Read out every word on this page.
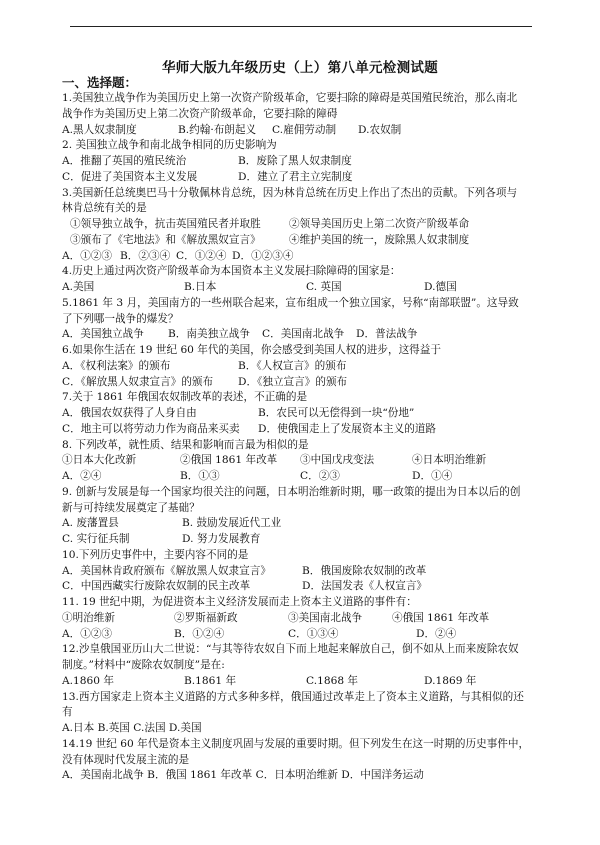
华师大版九年级历史（上）第八单元检测试题
一、选择题：
1.美国独立战争作为美国历史上第一次资产阶级革命，它要扫除的障碍是英国殖民统治，那么南北
战争作为美国历史上第二次资产阶级革命，它要扫除的障碍
A.黑人奴隶制度	B.约翰·布朗起义	C.雇佣劳动制	D.农奴制
2. 美国独立战争和南北战争相同的历史影响为
A．推翻了英国的殖民统治	B．废除了黑人奴隶制度
C．促进了美国资本主义发展	D．建立了君主立宪制度
3.美国新任总统奥巴马十分敬佩林肯总统，因为林肯总统在历史上作出了杰出的贡献。下列各项与
林肯总统有关的是
①领导独立战争，抗击英国殖民者并取胜	②领导美国历史上第二次资产阶级革命
③颁布了《宅地法》和《解放黑奴宣言》	④维护美国的统一，废除黑人奴隶制度
A．①②③ B．②③④ C．①②④ D．①②③④
4.历史上通过两次资产阶级革命为本国资本主义发展扫除障碍的国家是：
A.美国	B.日本	C. 英国	D.德国
5.1861 年 3 月，美国南方的一些州联合起来，宣布组成一个独立国家，号称“南部联盟”。这导致
了下列哪一战争的爆发？
A．美国独立战争	B．南美独立战争	C．美国南北战争	D．普法战争
6.如果你生活在 19 世纪 60 年代的美国，你会感受到美国人权的进步，这得益于
A．《权利法案》的颁布	B．《人权宣言》的颁布
C．《解放黑人奴隶宣言》的颁布	D．《独立宣言》的颁布
7.关于 1861 年俄国农奴制改革的表述，不正确的是
A．俄国农奴获得了人身自由	B．农民可以无偿得到一块“份地”
C．地主可以将劳动力作为商品来买卖	D．使俄国走上了发展资本主义的道路
8. 下列改革，就性质、结果和影响而言最为相似的是
①日本大化改新	②俄国 1861 年改革	③中国戊戌变法	④日本明治维新
A．②④	B．①③	C．②③	D．①④
9. 创新与发展是每一个国家均很关注的问题，日本明治维新时期，哪一政策的提出为日本以后的创
新与可持续发展奠定了基础？
A. 废藩置县	B. 鼓励发展近代工业
C. 实行征兵制	D. 努力发展教育
10.下列历史事件中，主要内容不同的是
A．美国林肯政府颁布《解放黑人奴隶宣言》	B．俄国废除农奴制的改革
C．中国西藏实行废除农奴制的民主改革	D．法国发表《人权宣言》
11. 19 世纪中期，为促进资本主义经济发展而走上资本主义道路的事件有：
①明治维新	②罗斯福新政	③美国南北战争	④俄国 1861 年改革
A．①②③	B．①②④	C．①③④	D．②④
12.沙皇俄国亚历山大二世说：“与其等待农奴自下而上地起来解放自己，倒不如从上而来废除农奴
制度。”材料中“废除农奴制度”是在:
A.1860 年	B.1861 年	C.1868 年	D.1869 年
13.西方国家走上资本主义道路的方式多种多样，俄国通过改革走上了资本主义道路，与其相似的还
有
A.日本 B.英国 C.法国 D.美国
14.19 世纪 60 年代是资本主义制度巩固与发展的重要时期。但下列发生在这一时期的历史事件中，
没有体现时代发展主流的是
A．美国南北战争 B．俄国 1861 年改革 C．日本明治维新 D．中国洋务运动
